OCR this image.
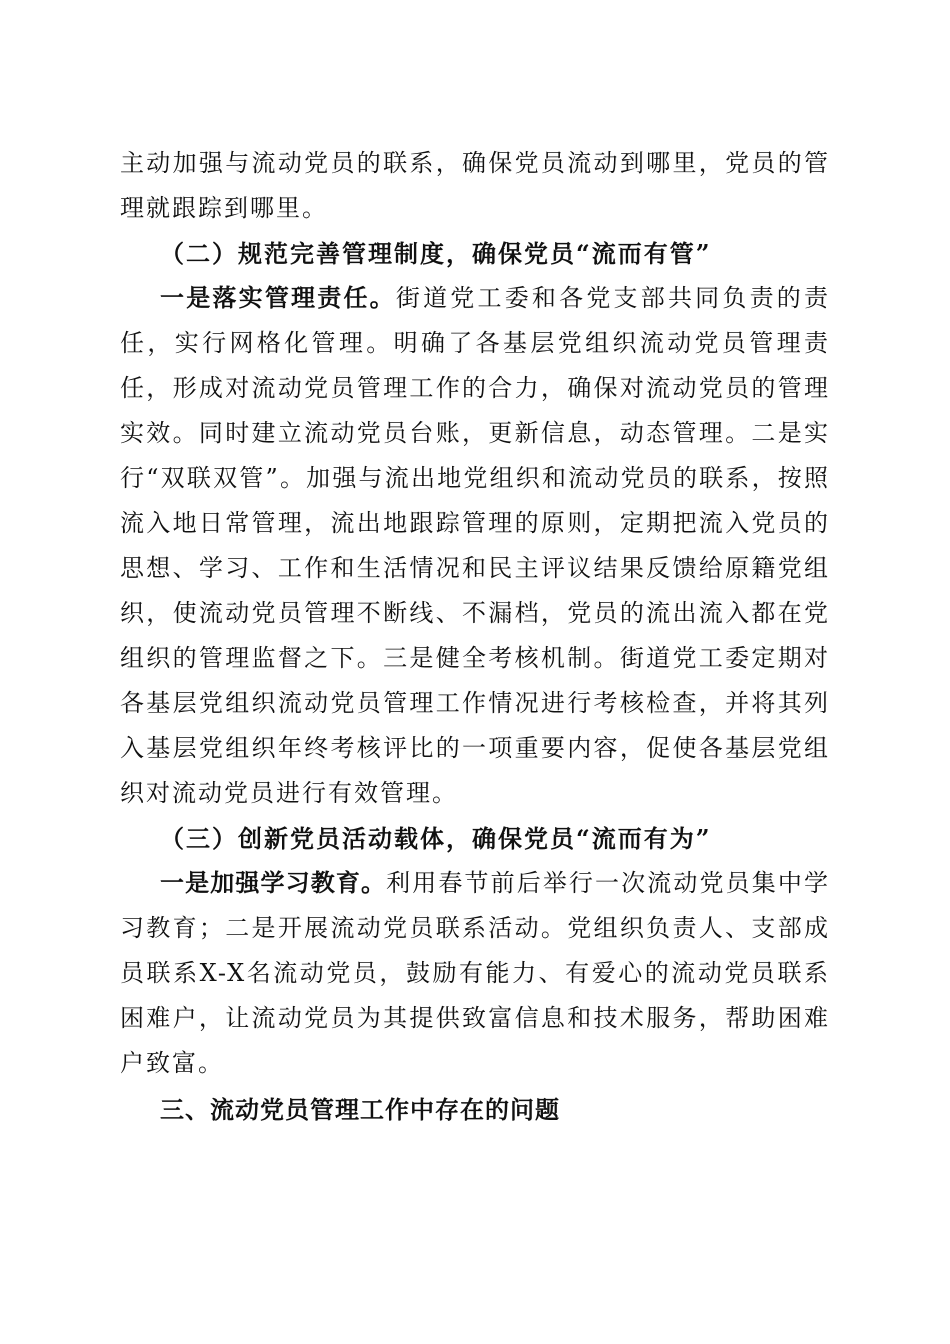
主动加强与流动党员的联系，确保党员流动到哪里，党员的管理就跟踪到哪里。

（二）规范完善管理制度，确保党员“流而有管”

一是落实管理责任。街道党工委和各党支部共同负责的责任，实行网格化管理。明确了各基层党组织流动党员管理责任，形成对流动党员管理工作的合力，确保对流动党员的管理实效。同时建立流动党员台账，更新信息，动态管理。二是实行“双联双管”。加强与流出地党组织和流动党员的联系，按照流入地日常管理，流出地跟踪管理的原则，定期把流入党员的思想、学习、工作和生活情况和民主评议结果反馈给原籍党组织，使流动党员管理不断线、不漏档，党员的流出流入都在党组织的管理监督之下。三是健全考核机制。街道党工委定期对各基层党组织流动党员管理工作情况进行考核检查，并将其列入基层党组织年终考核评比的一项重要内容，促使各基层党组织对流动党员进行有效管理。

（三）创新党员活动载体，确保党员“流而有为”

一是加强学习教育。利用春节前后举行一次流动党员集中学习教育；二是开展流动党员联系活动。党组织负责人、支部成员联系X-X名流动党员，鼓励有能力、有爱心的流动党员联系困难户，让流动党员为其提供致富信息和技术服务，帮助困难户致富。

三、流动党员管理工作中存在的问题
